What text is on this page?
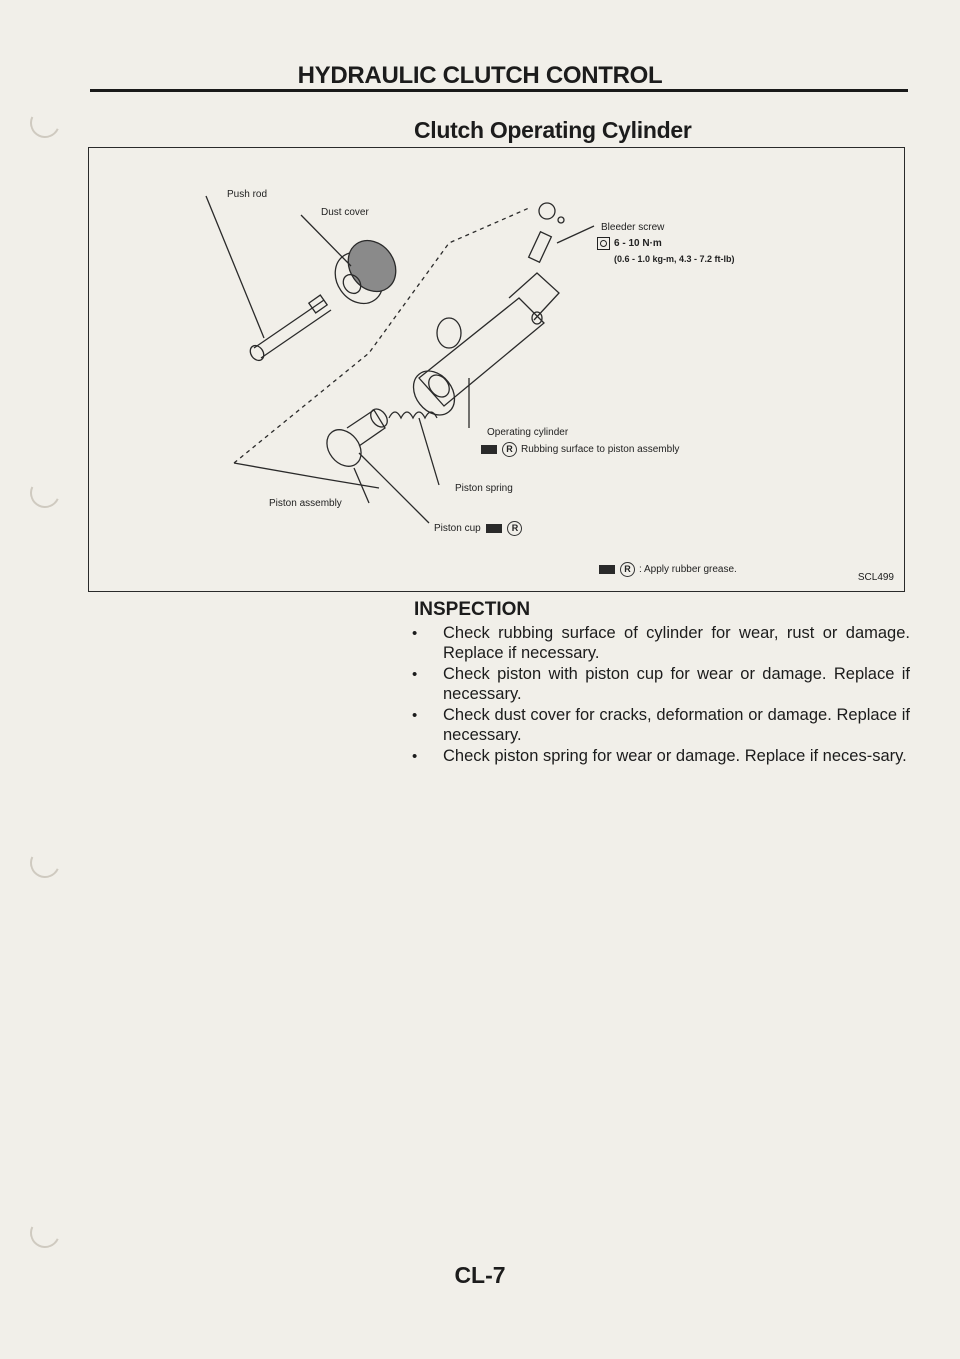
HYDRAULIC CLUTCH CONTROL
Clutch Operating Cylinder
Push rod
Dust cover
Bleeder screw
6 - 10 N·m
(0.6 - 1.0 kg-m, 4.3 - 7.2 ft-lb)
Operating cylinder
R Rubbing surface to piston assembly
Piston spring
Piston assembly
Piston cup	R
R : Apply rubber grease.
SCL499
INSPECTION
• Check rubbing surface of cylinder for wear, rust or damage. Replace if necessary.
• Check piston with piston cup for wear or damage. Replace if necessary.
• Check dust cover for cracks, deformation or damage. Replace if necessary.
• Check piston spring for wear or damage. Replace if neces-sary.
CL-7
